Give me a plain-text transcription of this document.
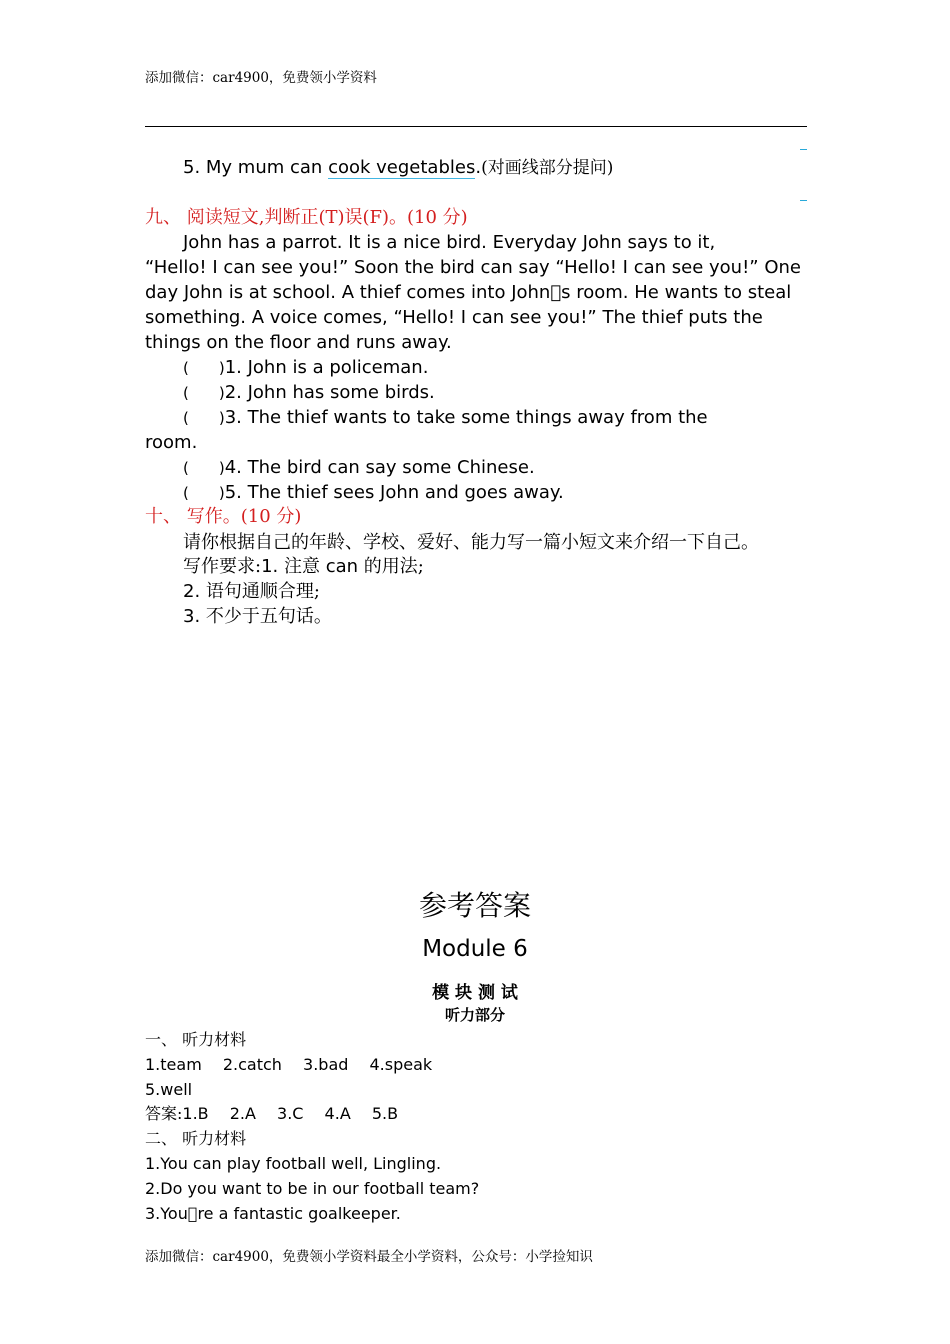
添加微信：car4900，免费领小学资料
5. My mum can cook vegetables.(对画线部分提问)
九、 阅读短文,判断正(T)误(F)。(10 分)
John has a parrot. It is a nice bird. Everyday John says to it,
“Hello! I can see you!” Soon the bird can say “Hello! I can see you!” One day John is at school. A thief comes into John s room. He wants to steal something. A voice comes, “Hello! I can see you!” The thief puts the things on the floor and runs away.
(  )1. John is a policeman.
(  )2. John has some birds.
(  )3. The thief wants to take some things away from the
room.
(  )4. The bird can say some Chinese.
(  )5. The thief sees John and goes away.
十、 写作。(10 分)
请你根据自己的年龄、学校、爱好、能力写一篇小短文来介绍一下自己。
写作要求:1. 注意 can 的用法;
2. 语句通顺合理;
3. 不少于五句话。
参考答案
Module 6
模 块 测 试
听力部分
一、 听力材料
1.team  2.catch  3.bad  4.speak
5.well
答案:1.B  2.A  3.C  4.A  5.B
二、 听力材料
1.You can play football well, Lingling.
2.Do you want to be in our football team?
3.You re a fantastic goalkeeper.
添加微信：car4900，免费领小学资料最全小学资料，公众号：小学捡知识
